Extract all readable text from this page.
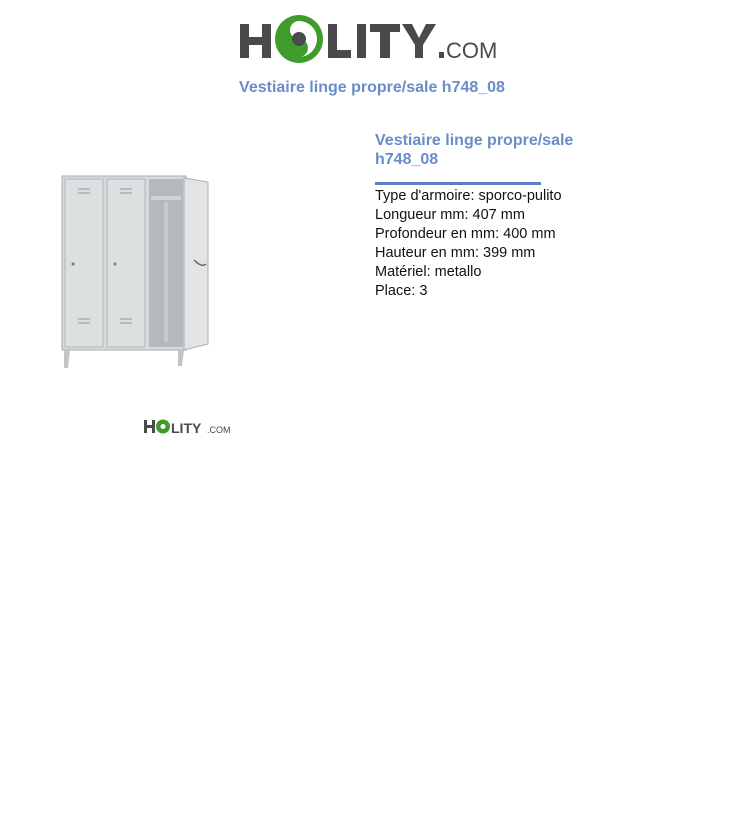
COM
Vestiaire linge propre/sale h748_08
LITY .COM
Vestiaire linge propre/sale h748_08
Type d'armoire: sporco-pulito
Longueur mm: 407 mm
Profondeur en mm: 400 mm
Hauteur en mm: 399 mm
Matériel: metallo
Place: 3
